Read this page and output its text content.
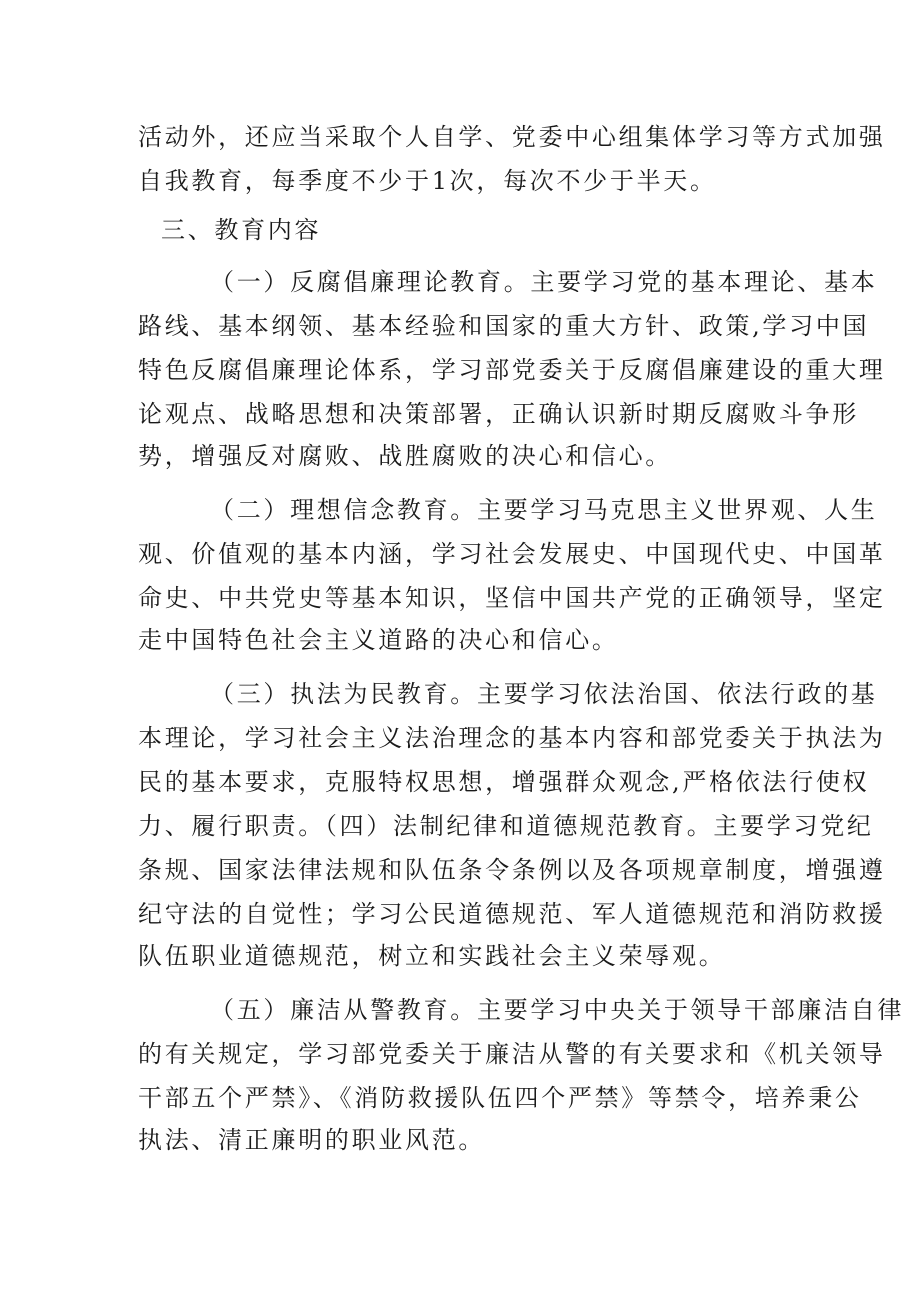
活动外，还应当采取个人自学、党委中心组集体学习等方式加强
自我教育，每季度不少于1次，每次不少于半天。
三、教育内容
（一）反腐倡廉理论教育。主要学习党的基本理论、基本
路线、基本纲领、基本经验和国家的重大方针、政策,学习中国
特色反腐倡廉理论体系，学习部党委关于反腐倡廉建设的重大理
论观点、战略思想和决策部署，正确认识新时期反腐败斗争形
势，增强反对腐败、战胜腐败的决心和信心。
（二）理想信念教育。主要学习马克思主义世界观、人生
观、价值观的基本内涵，学习社会发展史、中国现代史、中国革
命史、中共党史等基本知识，坚信中国共产党的正确领导，坚定
走中国特色社会主义道路的决心和信心。
（三）执法为民教育。主要学习依法治国、依法行政的基
本理论，学习社会主义法治理念的基本内容和部党委关于执法为
民的基本要求，克服特权思想，增强群众观念,严格依法行使权
力、履行职责。（四）法制纪律和道德规范教育。主要学习党纪
条规、国家法律法规和队伍条令条例以及各项规章制度，增强遵
纪守法的自觉性；学习公民道德规范、军人道德规范和消防救援
队伍职业道德规范，树立和实践社会主义荣辱观。
（五）廉洁从警教育。主要学习中央关于领导干部廉洁自律
的有关规定，学习部党委关于廉洁从警的有关要求和《机关领导
干部五个严禁》、《消防救援队伍四个严禁》等禁令，培养秉公
执法、清正廉明的职业风范。
